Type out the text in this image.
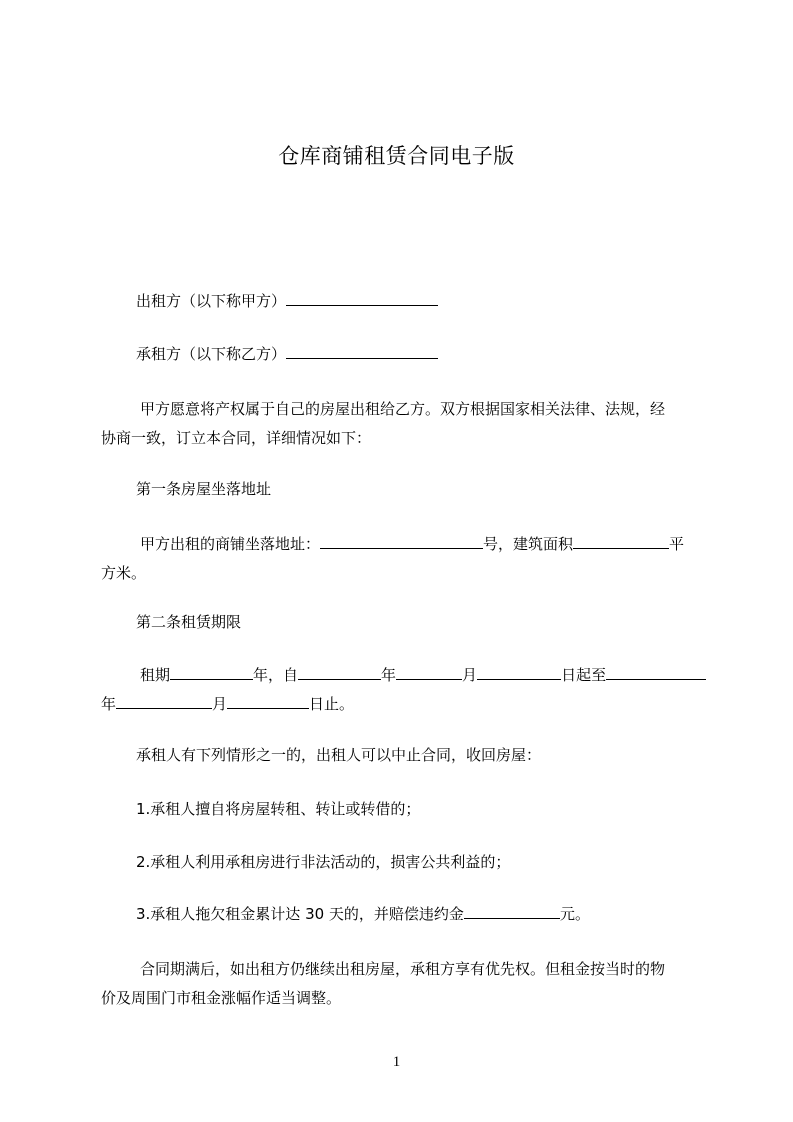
仓库商铺租赁合同电子版
出租方（以下称甲方）
承租方（以下称乙方）
甲方愿意将产权属于自己的房屋出租给乙方。双方根据国家相关法律、法规，经
协商一致，订立本合同，详细情况如下：
第一条房屋坐落地址
甲方出租的商铺坐落地址：	号，建筑面积	平
方米。
第二条租赁期限
租期	年，自	年	月	日起至
年	月	日止。
承租人有下列情形之一的，出租人可以中止合同，收回房屋：
1.承租人擅自将房屋转租、转让或转借的；
2.承租人利用承租房进行非法活动的，损害公共利益的；
3.承租人拖欠租金累计达 30 天的，并赔偿违约金	元。
合同期满后，如出租方仍继续出租房屋，承租方享有优先权。但租金按当时的物
价及周围门市租金涨幅作适当调整。
1
